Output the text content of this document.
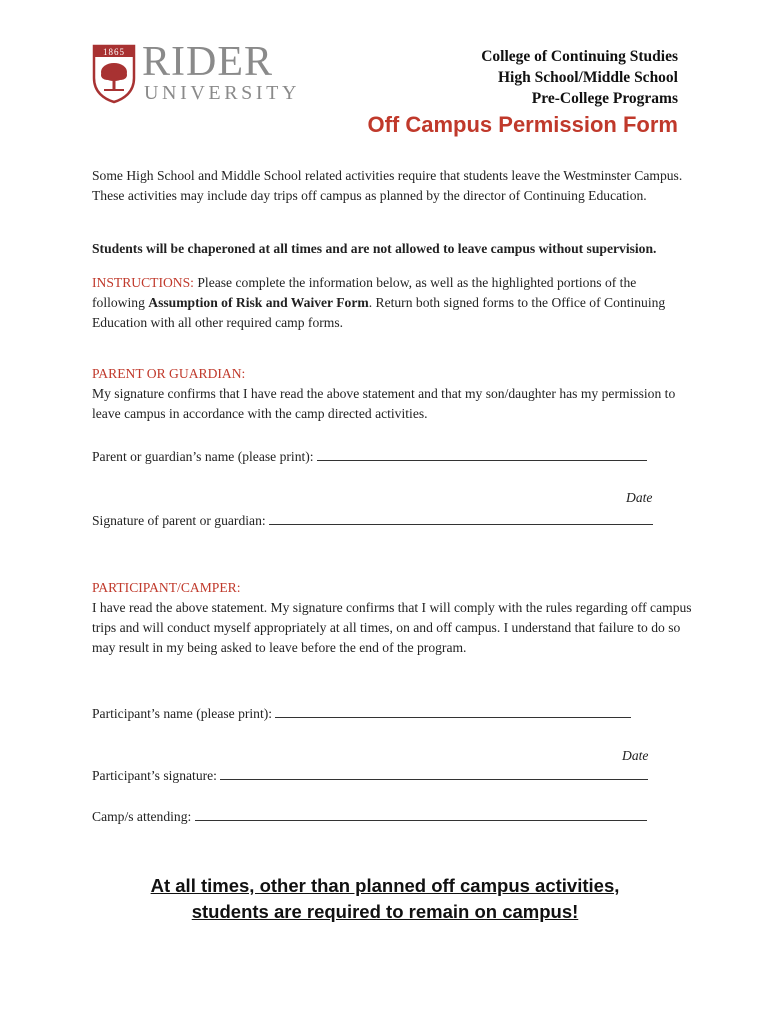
1865 RIDER
UNIVERSITY
College of Continuing Studies
High School/Middle School
Pre-College Programs
Off Campus Permission Form
Some High School and Middle School related activities require that students leave the Westminster Campus. These activities may include day trips off campus as planned by the director of Continuing Education.
Students will be chaperoned at all times and are not allowed to leave campus without supervision.
INSTRUCTIONS: Please complete the information below, as well as the highlighted portions of the following Assumption of Risk and Waiver Form. Return both signed forms to the Office of Continuing Education with all other required camp forms.
PARENT OR GUARDIAN:
My signature confirms that I have read the above statement and that my son/daughter has my permission to leave campus in accordance with the camp directed activities.
Parent or guardian’s name (please print):
Date
Signature of parent or guardian:
PARTICIPANT/CAMPER:
I have read the above statement. My signature confirms that I will comply with the rules regarding off campus trips and will conduct myself appropriately at all times, on and off campus. I understand that failure to do so may result in my being asked to leave before the end of the program.
Participant’s name (please print):
Date
Participant’s signature:
Camp/s attending:
At all times, other than planned off campus activities,
students are required to remain on campus!
